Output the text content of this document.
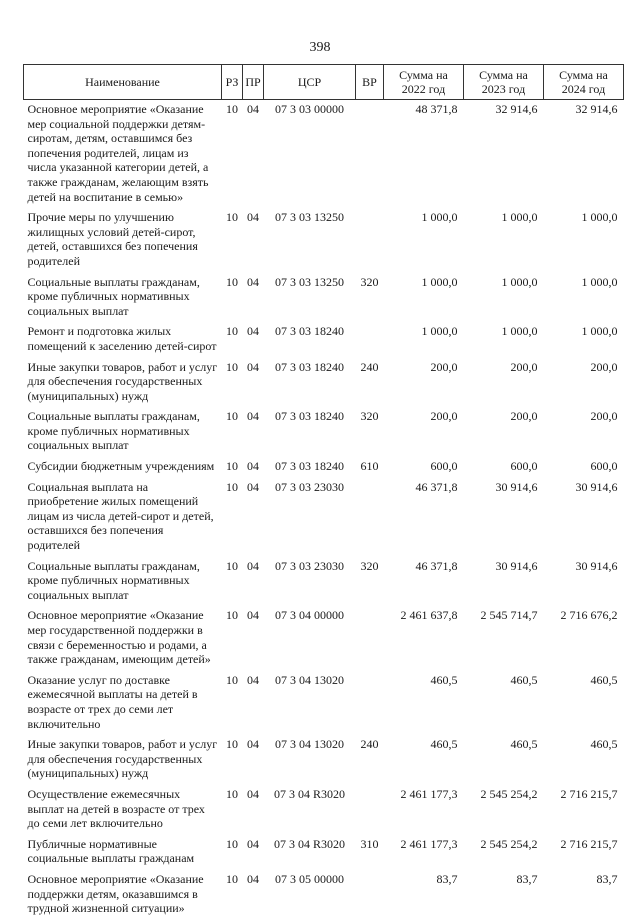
398
Наименование	РЗ	ПР	ЦСР	ВР	Сумма на 2022 год	Сумма на 2023 год	Сумма на 2024 год
Основное мероприятие «Оказание мер социальной поддержки детям-сиротам, детям, оставшимся без попечения родителей, лицам из числа указанной категории детей, а также гражданам, желающим взять детей на воспитание в семью»	10	04	07 3 03 00000		48 371,8	32 914,6	32 914,6
Прочие меры по улучшению жилищных условий детей-сирот, детей, оставшихся без попечения родителей	10	04	07 3 03 13250		1 000,0	1 000,0	1 000,0
Социальные выплаты гражданам, кроме публичных нормативных социальных выплат	10	04	07 3 03 13250	320	1 000,0	1 000,0	1 000,0
Ремонт и подготовка жилых помещений к заселению детей-сирот	10	04	07 3 03 18240		1 000,0	1 000,0	1 000,0
Иные закупки товаров, работ и услуг для обеспечения государственных (муниципальных) нужд	10	04	07 3 03 18240	240	200,0	200,0	200,0
Социальные выплаты гражданам, кроме публичных нормативных социальных выплат	10	04	07 3 03 18240	320	200,0	200,0	200,0
Субсидии бюджетным учреждениям	10	04	07 3 03 18240	610	600,0	600,0	600,0
Социальная выплата на приобретение жилых помещений лицам из числа детей-сирот и детей, оставшихся без попечения родителей	10	04	07 3 03 23030		46 371,8	30 914,6	30 914,6
Социальные выплаты гражданам, кроме публичных нормативных социальных выплат	10	04	07 3 03 23030	320	46 371,8	30 914,6	30 914,6
Основное мероприятие «Оказание мер государственной поддержки в связи с беременностью и родами, а также гражданам, имеющим детей»	10	04	07 3 04 00000		2 461 637,8	2 545 714,7	2 716 676,2
Оказание услуг по доставке ежемесячной выплаты на детей в возрасте от трех до семи лет включительно	10	04	07 3 04 13020		460,5	460,5	460,5
Иные закупки товаров, работ и услуг для обеспечения государственных (муниципальных) нужд	10	04	07 3 04 13020	240	460,5	460,5	460,5
Осуществление ежемесячных выплат на детей в возрасте от трех до семи лет включительно	10	04	07 3 04 R3020		2 461 177,3	2 545 254,2	2 716 215,7
Публичные нормативные социальные выплаты гражданам	10	04	07 3 04 R3020	310	2 461 177,3	2 545 254,2	2 716 215,7
Основное мероприятие «Оказание поддержки детям, оказавшимся в трудной жизненной ситуации»	10	04	07 3 05 00000		83,7	83,7	83,7
